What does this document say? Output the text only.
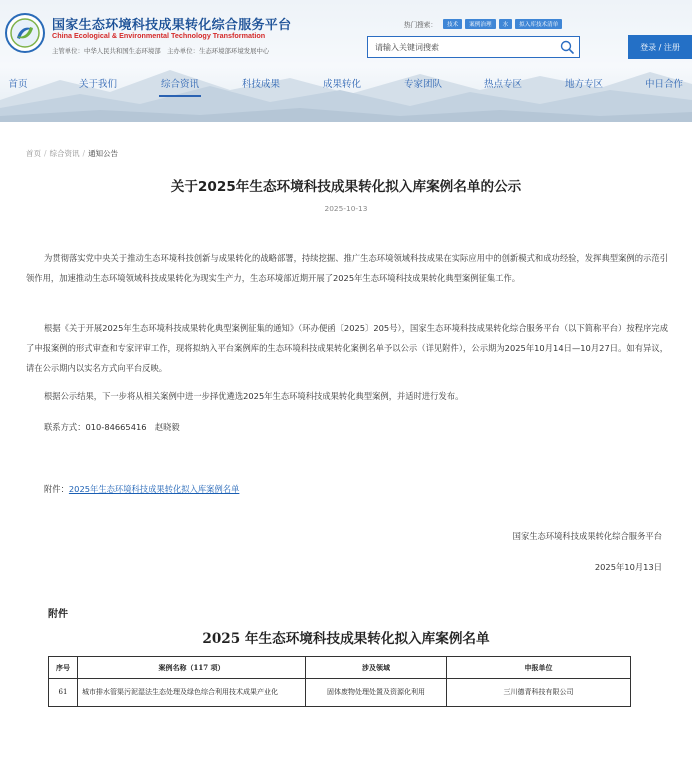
国家生态环境科技成果转化综合服务平台
China Ecological & Environmental Technology Transformation
主管单位：中华人民共和国生态环境部　主办单位：生态环境部环境发展中心
热门搜索：	技术	案例治理	水	拟入库技术清单
请输入关键词搜索
登录 / 注册
首页	关于我们	综合资讯	科技成果	成果转化	专家团队	热点专区	地方专区	中日合作
首页 / 综合资讯 / 通知公告
关于2025年生态环境科技成果转化拟入库案例名单的公示
2025-10-13

为贯彻落实党中央关于推动生态环境科技创新与成果转化的战略部署，持续挖掘、推广生态环境领域科技成果在实际应用中的创新模式和成功经验，发挥典型案例的示范引领作用，加速推动生态环境领域科技成果转化为现实生产力，生态环境部近期开展了2025年生态环境科技成果转化典型案例征集工作。

根据《关于开展2025年生态环境科技成果转化典型案例征集的通知》（环办便函〔2025〕205号），国家生态环境科技成果转化综合服务平台（以下简称平台）按程序完成了申报案例的形式审查和专家评审工作，现将拟纳入平台案例库的生态环境科技成果转化案例名单予以公示（详见附件），公示期为2025年10月14日—10月27日。如有异议，请在公示期内以实名方式向平台反映。

根据公示结果，下一步将从相关案例中进一步择优遴选2025年生态环境科技成果转化典型案例，并适时进行发布。
联系方式：010-84665416　赵晓毅
附件：2025年生态环境科技成果转化拟入库案例名单
国家生态环境科技成果转化综合服务平台
2025年10月13日
附件
2025 年生态环境科技成果转化拟入库案例名单
序号	案例名称（117 项）	涉及领域	申报单位
61	城市排水管渠污泥湿法生态处理及绿色综合利用技术成果产业化	固体废物处理处置及资源化利用	三川德青科技有限公司
